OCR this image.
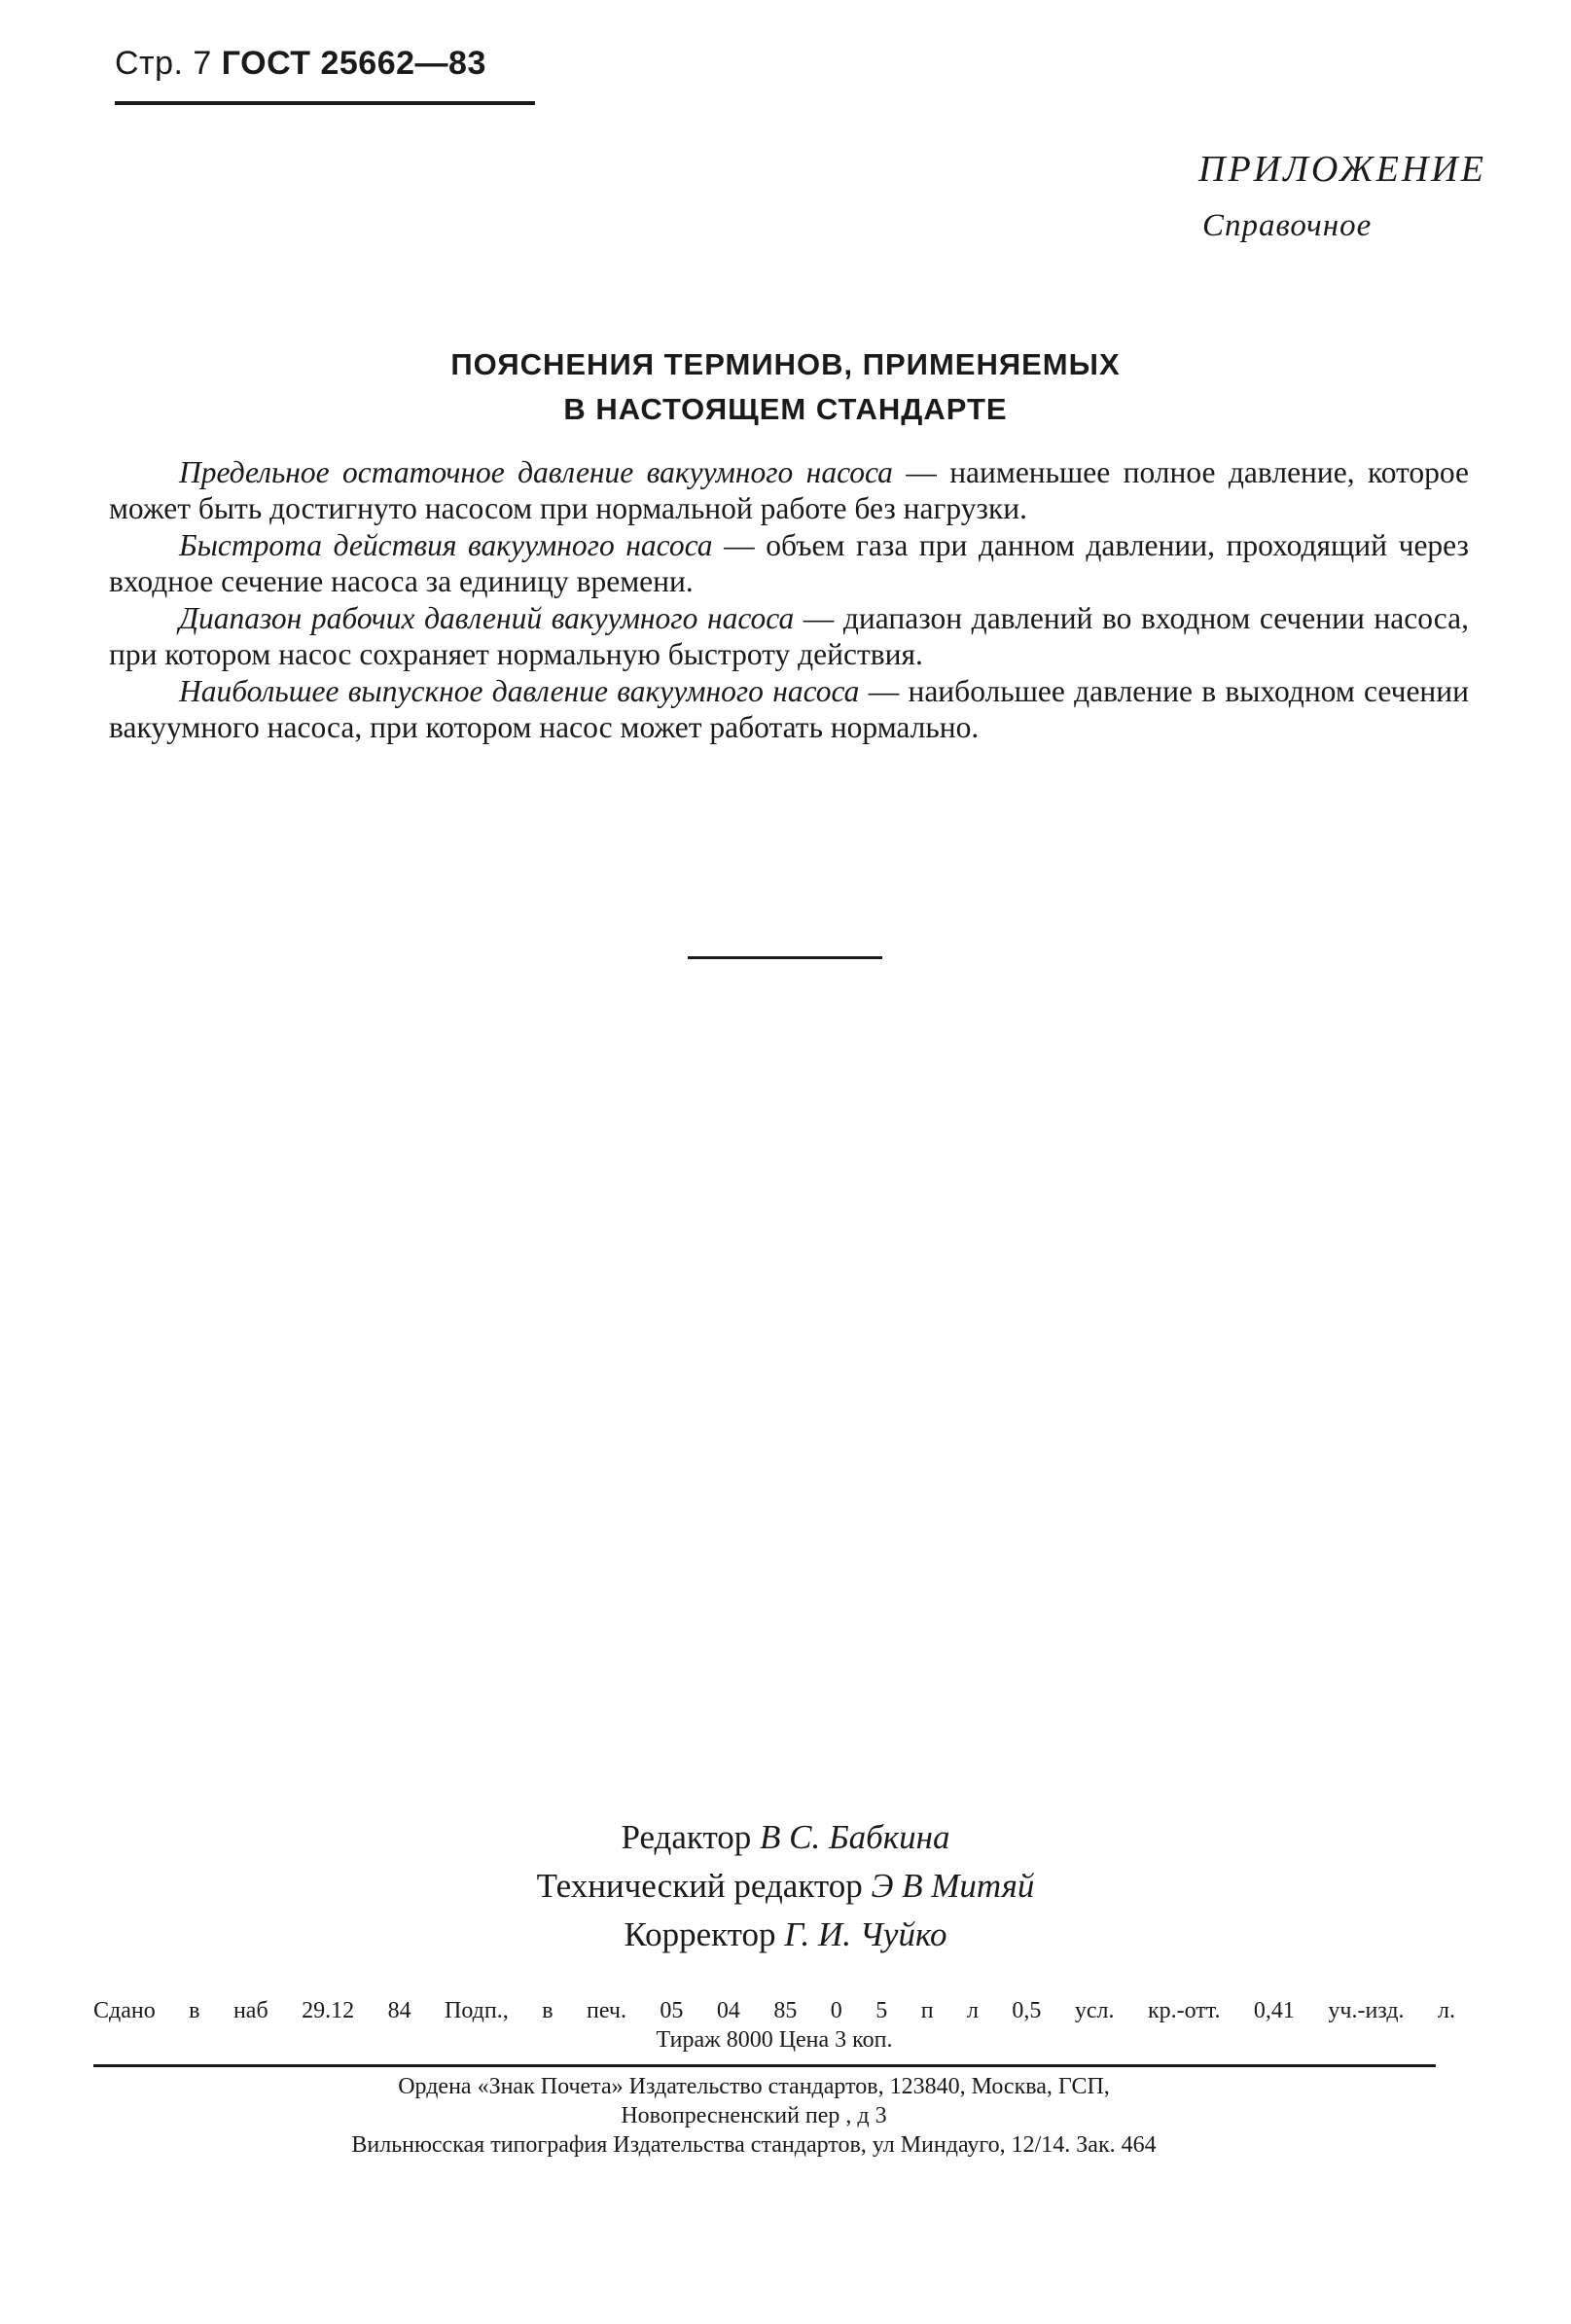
Стр. 7 ГОСТ 25662—83
ПРИЛОЖЕНИЕ
Справочное
ПОЯСНЕНИЯ ТЕРМИНОВ, ПРИМЕНЯЕМЫХ
В НАСТОЯЩЕМ СТАНДАРТЕ

Предельное остаточное давление вакуумного насоса — наименьшее полное давление, которое может быть достигнуто насосом при нормальной работе без нагрузки.

Быстрота действия вакуумного насоса — объем газа при данном давлении, проходящий через входное сечение насоса за единицу времени.

Диапазон рабочих давлений вакуумного насоса — диапазон давлений во входном сечении насоса, при котором насос сохраняет нормальную быстроту действия.

Наибольшее выпускное давление вакуумного насоса — наибольшее давление в выходном сечении вакуумного насоса, при котором насос может работать нормально.

Редактор В С. Бабкина
Технический редактор Э В Митяй
Корректор Г. И. Чуйко
Сдано в наб 29.12 84 Подп., в печ. 05 04 85 0 5 п л 0,5 усл. кр.-отт. 0,41 уч.-изд. л.
Тираж 8000 Цена 3 коп.
Ордена «Знак Почета» Издательство стандартов, 123840, Москва, ГСП,
Новопресненский пер , д 3
Вильнюсская типография Издательства стандартов, ул Миндауго, 12/14. Зак. 464
